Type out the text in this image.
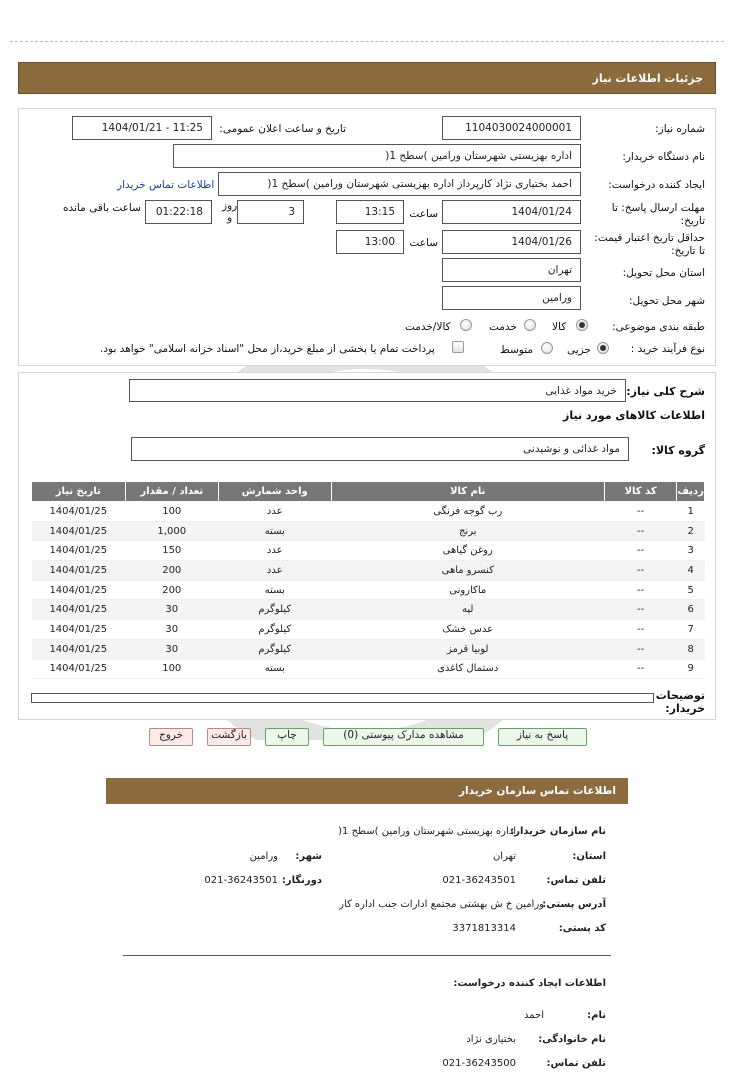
جزئیات اطلاعات نیاز
شماره نیاز:
1104030024000001
تاریخ و ساعت اعلان عمومی:
1404/01/21 - 11:25
نام دستگاه خریدار:
اداره بهزیستی شهرستان ورامین )سطح 1(
ایجاد کننده درخواست:
احمد بختیاری نژاد کارپرداز اداره بهزیستی شهرستان ورامین )سطح 1(
اطلاعات تماس خریدار
مهلت ارسال پاسخ: تا
تاریخ:
1404/01/24
ساعت
13:15
3
روز
و
01:22:18
ساعت باقی مانده
حداقل تاریخ اعتبار قیمت:
تا تاریخ:
1404/01/26
ساعت
13:00
استان محل تحویل:
تهران
شهر محل تحویل:
ورامین
طبقه بندی موضوعی:
کالا
خدمت
کالا/خدمت
نوع فرآیند خرید :
جزیی
متوسط
پرداخت تمام یا بخشی از مبلغ خرید،از محل "اسناد خزانه اسلامی" خواهد بود.
شرح کلی نیاز:
خرید مواد غذایی
اطلاعات کالاهای مورد نیاز
گروه کالا:
مواد غذائی و نوشیدنی
ردیف	کد کالا	نام کالا	واحد شمارش	تعداد / مقدار	تاریخ نیاز
1	--	رب گوجه فرنگی	عدد	100	1404/01/25
2	--	برنج	بسته	1,000	1404/01/25
3	--	روغن گیاهی	عدد	150	1404/01/25
4	--	کنسرو ماهی	عدد	200	1404/01/25
5	--	ماکارونی	بسته	200	1404/01/25
6	--	لپه	کیلوگرم	30	1404/01/25
7	--	عدس خشک	کیلوگرم	30	1404/01/25
8	--	لوبیا قرمز	کیلوگرم	30	1404/01/25
9	--	دستمال کاغذی	بسته	100	1404/01/25
توضیحات
خریدار:
پاسخ به نیاز
مشاهده مدارک پیوستی (0)
چاپ
بازگشت
خروج
اطلاعات تماس سازمان خریدار
نام سازمان خریدار:
اداره بهزیستی شهرستان ورامین )سطح 1(
استان:
تهران
شهر:
ورامین
تلفن تماس:
021-36243501
دورنگار:
021-36243501
آدرس پستی:
ورامین خ ش بهشتی مجتمع ادارات جنب اداره کار
کد پستی:
3371813314
اطلاعات ایجاد کننده درخواست:
نام:
احمد
نام خانوادگی:
بختیاری نژاد
تلفن تماس:
021-36243500
